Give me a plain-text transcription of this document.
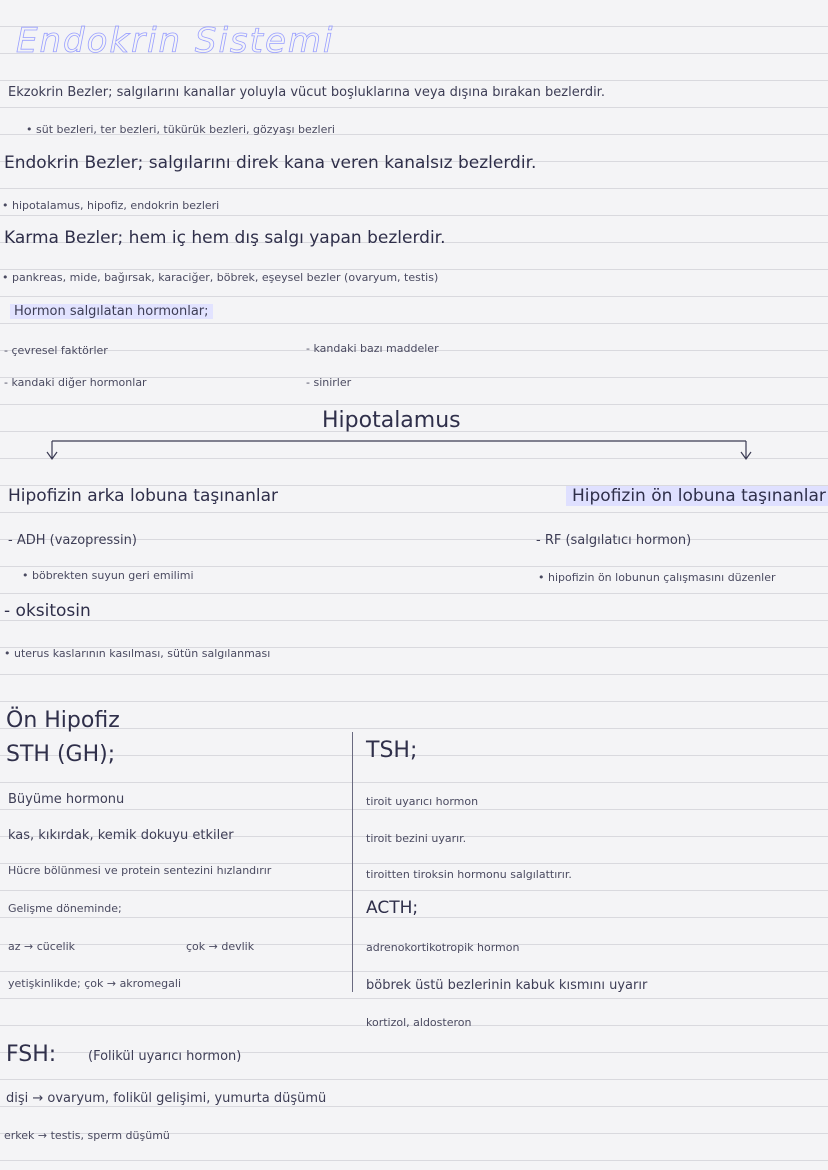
Endokrin Sistemi
Ekzokrin Bezler; salgılarını kanallar yoluyla vücut boşluklarına veya dışına bırakan bezlerdir.
• süt bezleri, ter bezleri, tükürük bezleri, gözyaşı bezleri
Endokrin Bezler; salgılarını direk kana veren kanalsız bezlerdir.
• hipotalamus, hipofiz, endokrin bezleri
Karma Bezler; hem iç hem dış salgı yapan bezlerdir.
• pankreas, mide, bağırsak, karaciğer, böbrek, eşeysel bezler (ovaryum, testis)
Hormon salgılatan hormonlar;
- çevresel faktörler	- kandaki bazı maddeler
- kandaki diğer hormonlar	- sinirler
Hipotalamus
Hipofizin arka lobuna taşınanlar	Hipofizin ön lobuna taşınanlar
- ADH (vazopressin)
• böbrekten suyun geri emilimi
- oksitosin
• uterus kaslarının kasılması, sütün salgılanması
- RF (salgılatıcı hormon)
• hipofizin ön lobunun çalışmasını düzenler
Ön Hipofiz
STH (GH);
Büyüme hormonu
kas, kıkırdak, kemik dokuyu etkiler
Hücre bölünmesi ve protein sentezini hızlandırır
Gelişme döneminde;
az → cücelik	çok → devlik
yetişkinlikde; çok → akromegali
TSH;
tiroit uyarıcı hormon
tiroit bezini uyarır.
tiroitten tiroksin hormonu salgılattırır.
ACTH;
adrenokortikotropik hormon
böbrek üstü bezlerinin kabuk kısmını uyarır
kortizol, aldosteron
FSH: (Folikül uyarıcı hormon)
dişi → ovaryum, folikül gelişimi, yumurta düşümü
erkek → testis, sperm düşümü
